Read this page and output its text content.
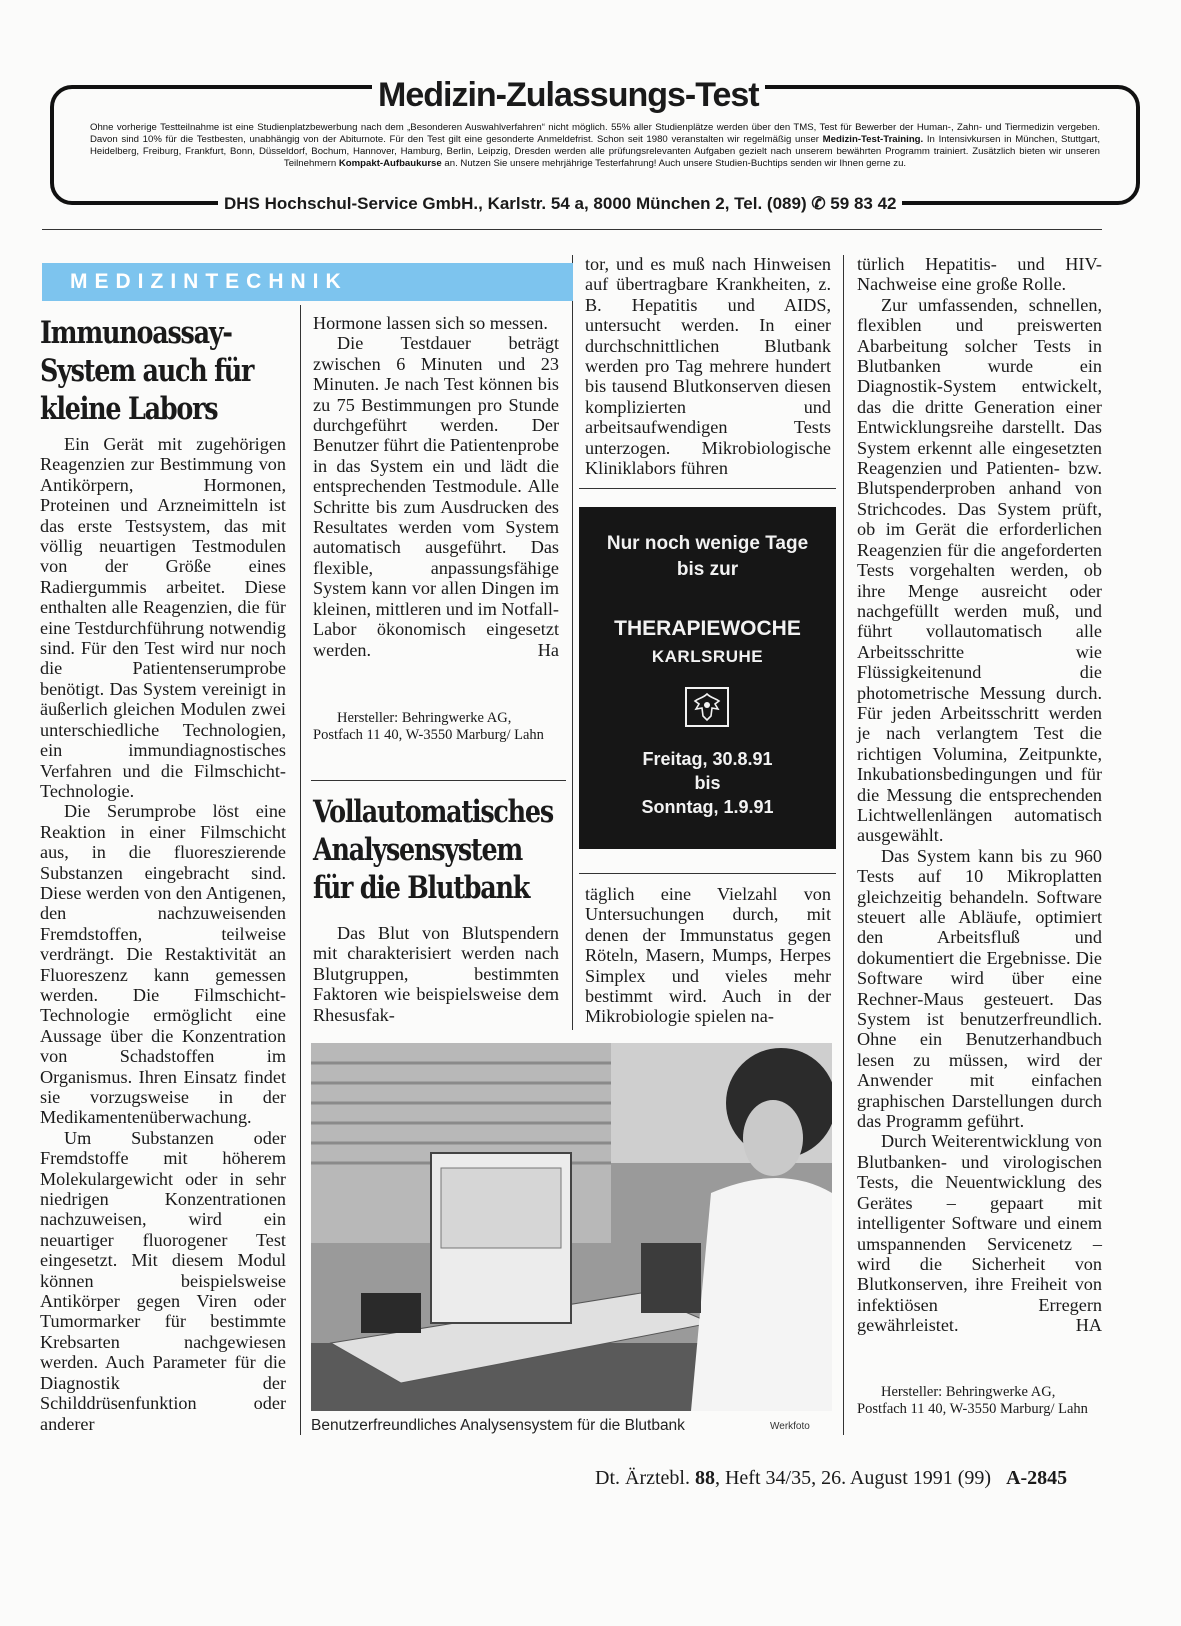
Medizin-Zulassungs-Test
Ohne vorherige Testteilnahme ist eine Studienplatzbewerbung nach dem „Besonderen Auswahlverfahren“ nicht möglich. 55% aller Studienplätze werden über den TMS, Test für Bewerber der Human-, Zahn- und Tiermedizin vergeben. Davon sind 10% für die Testbesten, unabhängig von der Abiturnote. Für den Test gilt eine gesonderte Anmeldefrist. Schon seit 1980 veranstalten wir regelmäßig unser Medizin-Test-Training. In Intensivkursen in München, Stuttgart, Heidelberg, Freiburg, Frankfurt, Bonn, Düsseldorf, Bochum, Hannover, Hamburg, Berlin, Leipzig, Dresden werden alle prüfungsrelevanten Aufgaben gezielt nach unserem bewährten Programm trainiert. Zusätzlich bieten wir unseren Teilnehmern Kompakt-Aufbaukurse an. Nutzen Sie unsere mehrjährige Testerfahrung! Auch unsere Studien-Buchtips senden wir Ihnen gerne zu.
DHS Hochschul-Service GmbH., Karlstr. 54 a, 8000 München 2, Tel. (089) ✆ 59 83 42
MEDIZINTECHNIK
Immunoassay-
System auch für
kleine Labors

Ein Gerät mit zugehörigen Reagenzien zur Bestimmung von Antikörpern, Hormonen, Proteinen und Arzneimitteln ist das erste Testsystem, das mit völlig neuartigen Testmodulen von der Größe eines Radiergummis arbeitet. Diese enthalten alle Reagenzien, die für eine Testdurchführung notwendig sind. Für den Test wird nur noch die Patientenserumprobe benötigt. Das System vereinigt in äußerlich gleichen Modulen zwei unterschiedliche Technologien, ein immundiagnostisches Verfahren und die Filmschicht-Technologie.

Die Serumprobe löst eine Reaktion in einer Filmschicht aus, in die fluoreszierende Substanzen eingebracht sind. Diese werden von den Antigenen, den nachzuweisenden Fremdstoffen, teilweise verdrängt. Die Restaktivität an Fluoreszenz kann gemessen werden. Die Filmschicht-Technologie ermöglicht eine Aussage über die Konzentration von Schadstoffen im Organismus. Ihren Einsatz findet sie vorzugsweise in der Medikamentenüberwachung.

Um Substanzen oder Fremdstoffe mit höherem Molekulargewicht oder in sehr niedrigen Konzentrationen nachzuweisen, wird ein neuartiger fluorogener Test eingesetzt. Mit diesem Modul können beispielsweise Antikörper gegen Viren oder Tumormarker für bestimmte Krebsarten nachgewiesen werden. Auch Parameter für die Diagnostik der Schilddrüsenfunktion oder anderer

Hormone lassen sich so messen.

Die Testdauer beträgt zwischen 6 Minuten und 23 Minuten. Je nach Test können bis zu 75 Bestimmungen pro Stunde durchgeführt werden. Der Benutzer führt die Patientenprobe in das System ein und lädt die entsprechenden Testmodule. Alle Schritte bis zum Ausdrucken des Resultates werden vom System automatisch ausgeführt. Das flexible, anpassungsfähige System kann vor allen Dingen im kleinen, mittleren und im Notfall-Labor ökonomisch eingesetzt werden.	Ha

Hersteller: Behringwerke AG, Postfach 11 40, W-3550 Marburg/ Lahn
Vollautomatisches
Analysensystem
für die Blutbank

Das Blut von Blutspendern mit charakterisiert werden nach Blutgruppen, bestimmten Faktoren wie beispielsweise dem Rhesusfak-

tor, und es muß nach Hinweisen auf übertragbare Krankheiten, z. B. Hepatitis und AIDS, untersucht werden. In einer durchschnittlichen Blutbank werden pro Tag mehrere hundert bis tausend Blutkonserven diesen komplizierten und arbeitsaufwendigen Tests unterzogen. Mikrobiologische Kliniklabors führen

Nur noch wenige Tage
bis zur
THERAPIEWOCHE
KARLSRUHE
Freitag, 30.8.91
bis
Sonntag, 1.9.91

täglich eine Vielzahl von Untersuchungen durch, mit denen der Immunstatus gegen Röteln, Masern, Mumps, Herpes Simplex und vieles mehr bestimmt wird. Auch in der Mikrobiologie spielen na-

türlich Hepatitis- und HIV-Nachweise eine große Rolle.

Zur umfassenden, schnellen, flexiblen und preiswerten Abarbeitung solcher Tests in Blutbanken wurde ein Diagnostik-System entwickelt, das die dritte Generation einer Entwicklungsreihe darstellt. Das System erkennt alle eingesetzten Reagenzien und Patienten- bzw. Blutspenderproben anhand von Strichcodes. Das System prüft, ob im Gerät die erforderlichen Reagenzien für die angeforderten Tests vorgehalten werden, ob ihre Menge ausreicht oder nachgefüllt werden muß, und führt vollautomatisch alle Arbeitsschritte wie Flüssigkeitenund die photometrische Messung durch. Für jeden Arbeitsschritt werden je nach verlangtem Test die richtigen Volumina, Zeitpunkte, Inkubationsbedingungen und für die Messung die entsprechenden Lichtwellenlängen automatisch ausgewählt.

Das System kann bis zu 960 Tests auf 10 Mikroplatten gleichzeitig behandeln. Software steuert alle Abläufe, optimiert den Arbeitsfluß und dokumentiert die Ergebnisse. Die Software wird über eine Rechner-Maus gesteuert. Das System ist benutzerfreundlich. Ohne ein Benutzerhandbuch lesen zu müssen, wird der Anwender mit einfachen graphischen Darstellungen durch das Programm geführt.

Durch Weiterentwicklung von Blutbanken- und virologischen Tests, die Neuentwicklung des Gerätes – gepaart mit intelligenter Software und einem umspannenden Servicenetz – wird die Sicherheit von Blutkonserven, ihre Freiheit von infektiösen Erregern gewährleistet.	HA

Hersteller: Behringwerke AG, Postfach 11 40, W-3550 Marburg/ Lahn
Benutzerfreundliches Analysensystem für die Blutbank	Werkfoto
Dt. Ärztebl. 88, Heft 34/35, 26. August 1991 (99) A-2845
